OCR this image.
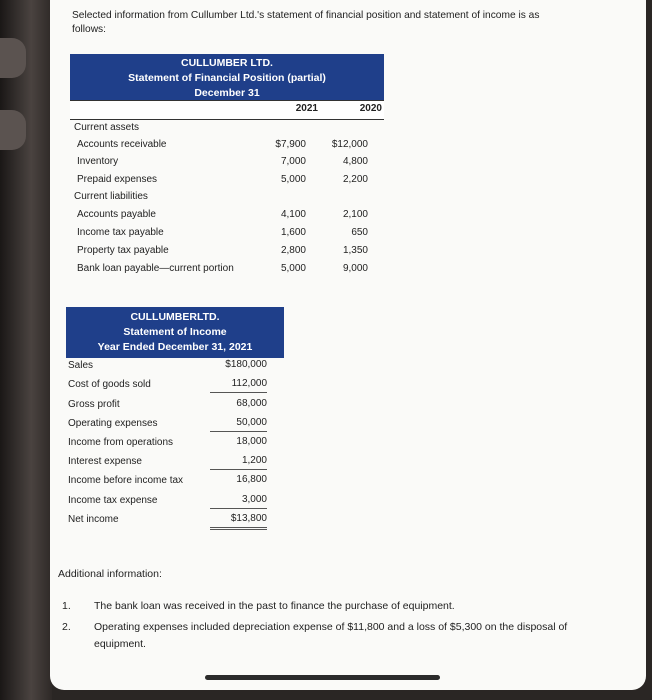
Selected information from Cullumber Ltd.'s statement of financial position and statement of income is as follows:
CULLUMBER LTD.
Statement of Financial Position (partial)
December 31
2021	2020
Current assets
Accounts receivable	$7,900	$12,000
Inventory	7,000	4,800
Prepaid expenses	5,000	2,200
Current liabilities
Accounts payable	4,100	2,100
Income tax payable	1,600	650
Property tax payable	2,800	1,350
Bank loan payable—current portion	5,000	9,000
CULLUMBERLTD.
Statement of Income
Year Ended December 31, 2021
Sales	$180,000
Cost of goods sold	112,000
Gross profit	68,000
Operating expenses	50,000
Income from operations	18,000
Interest expense	1,200
Income before income tax	16,800
Income tax expense	3,000
Net income	$13,800
Additional information:
1. The bank loan was received in the past to finance the purchase of equipment.
2. Operating expenses included depreciation expense of $11,800 and a loss of $5,300 on the disposal of equipment.
